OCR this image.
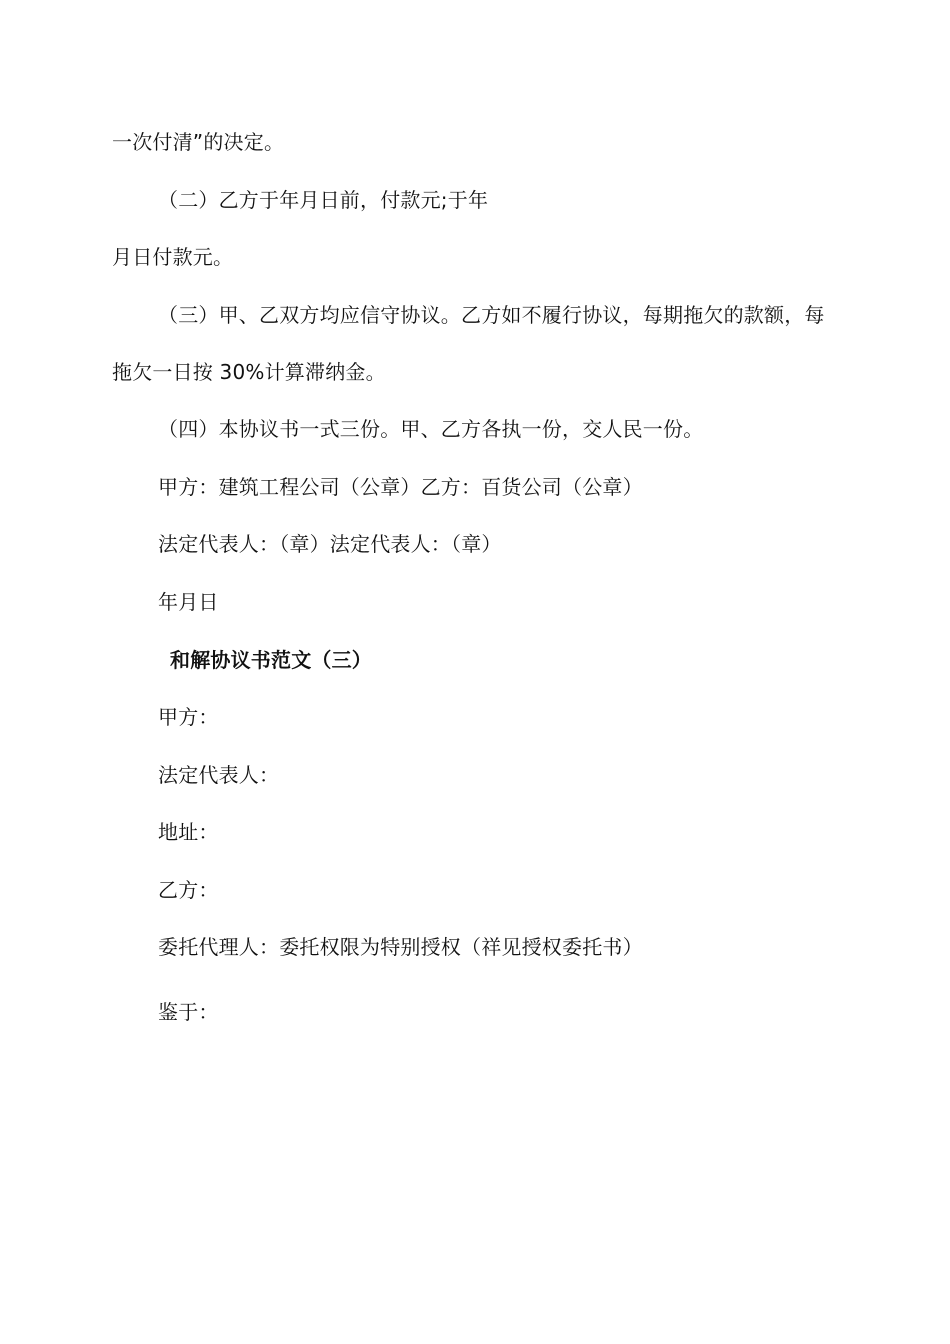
一次付清”的决定。
（二）乙方于年月日前，付款元;于年
月日付款元。
（三）甲、乙双方均应信守协议。乙方如不履行协议，每期拖欠的款额，每
拖欠一日按 30%计算滞纳金。
（四）本协议书一式三份。甲、乙方各执一份，交人民一份。
甲方：建筑工程公司（公章）乙方：百货公司（公章）
法定代表人：（章）法定代表人：（章）
年月日
和解协议书范文（三）
甲方：
法定代表人：
地址：
乙方：
委托代理人：委托权限为特别授权（祥见授权委托书）
鉴于：
